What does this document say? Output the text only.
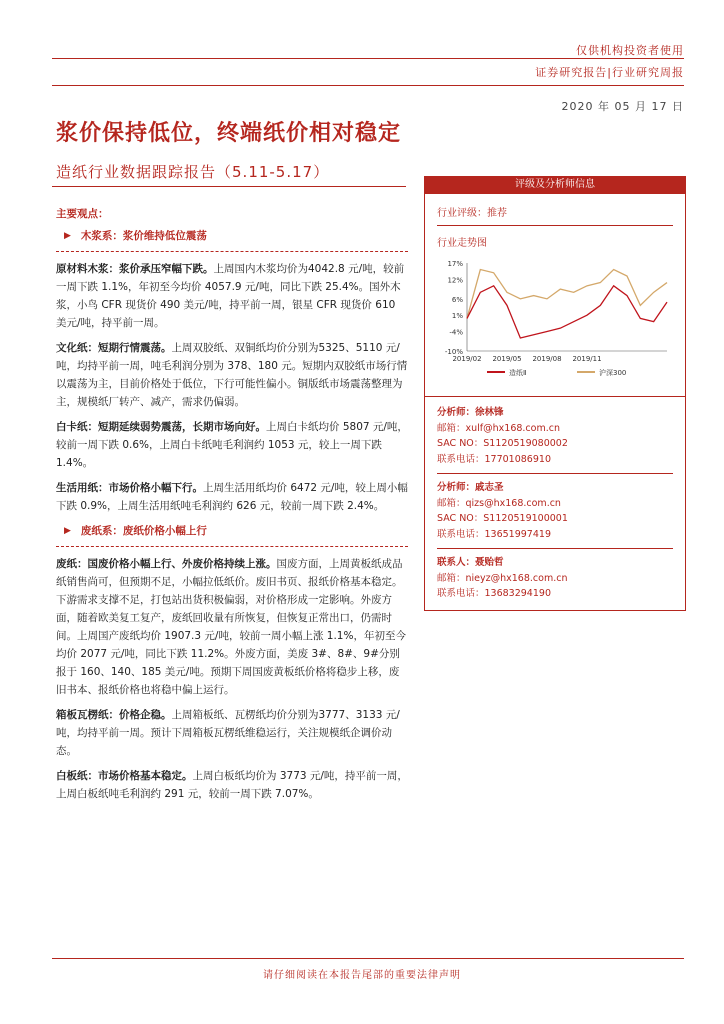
仅供机构投资者使用
证券研究报告|行业研究周报
2020 年 05 月 17 日
浆价保持低位，终端纸价相对稳定
造纸行业数据跟踪报告（5.11-5.17）
主要观点：
▶ 木浆系：浆价维持低位震荡

原材料木浆：浆价承压窄幅下跌。上周国内木浆均价为4042.8 元/吨，较前一周下跌 1.1%，年初至今均价 4057.9 元/吨，同比下跌 25.4%。国外木浆，小鸟 CFR 现货价 490 美元/吨，持平前一周，银星 CFR 现货价 610 美元/吨，持平前一周。

文化纸：短期行情震荡。上周双胶纸、双铜纸均价分别为5325、5110 元/吨，均持平前一周，吨毛利润分别为 378、180 元。短期内双胶纸市场行情以震荡为主，目前价格处于低位，下行可能性偏小。铜版纸市场震荡整理为主，规模纸厂转产、减产，需求仍偏弱。

白卡纸：短期延续弱势震荡，长期市场向好。上周白卡纸均价 5807 元/吨，较前一周下跌 0.6%，上周白卡纸吨毛利润约 1053 元，较上一周下跌 1.4%。

生活用纸：市场价格小幅下行。上周生活用纸均价 6472 元/吨，较上周小幅下跌 0.9%，上周生活用纸吨毛利润约 626 元，较前一周下跌 2.4%。

▶ 废纸系：废纸价格小幅上行

废纸：国废价格小幅上行、外废价格持续上涨。国废方面，上周黄板纸成品纸销售尚可，但预期不足，小幅拉低纸价。废旧书页、报纸价格基本稳定。下游需求支撑不足，打包站出货积极偏弱，对价格形成一定影响。外废方面，随着欧美复工复产，废纸回收量有所恢复，但恢复正常出口，仍需时间。上周国产废纸均价 1907.3 元/吨，较前一周小幅上涨 1.1%，年初至今均价 2077 元/吨，同比下跌 11.2%。外废方面，美废 3#、8#、9#分别报于 160、140、185 美元/吨。预期下周国废黄板纸价格将稳步上移，废旧书本、报纸价格也将稳中偏上运行。

箱板瓦楞纸：价格企稳。上周箱板纸、瓦楞纸均价分别为3777、3133 元/吨，均持平前一周。预计下周箱板瓦楞纸维稳运行，关注规模纸企调价动态。

白板纸：市场价格基本稳定。上周白板纸均价为 3773 元/吨，持平前一周，上周白板纸吨毛利润约 291 元，较前一周下跌 7.07%。

评级及分析师信息
行业评级：推荐
行业走势图
17%
12%
6%
1%
-4%
-10%
2019/02 2019/05 2019/08 2019/11
造纸Ⅱ	沪深300
分析师：徐林锋
邮箱：xulf@hx168.com.cn
SAC NO：S1120519080002
联系电话：17701086910
分析师：戚志圣
邮箱：qizs@hx168.com.cn
SAC NO：S1120519100001
联系电话：13651997419
联系人：聂贻哲
邮箱：nieyz@hx168.com.cn
联系电话：13683294190
请仔细阅读在本报告尾部的重要法律声明
